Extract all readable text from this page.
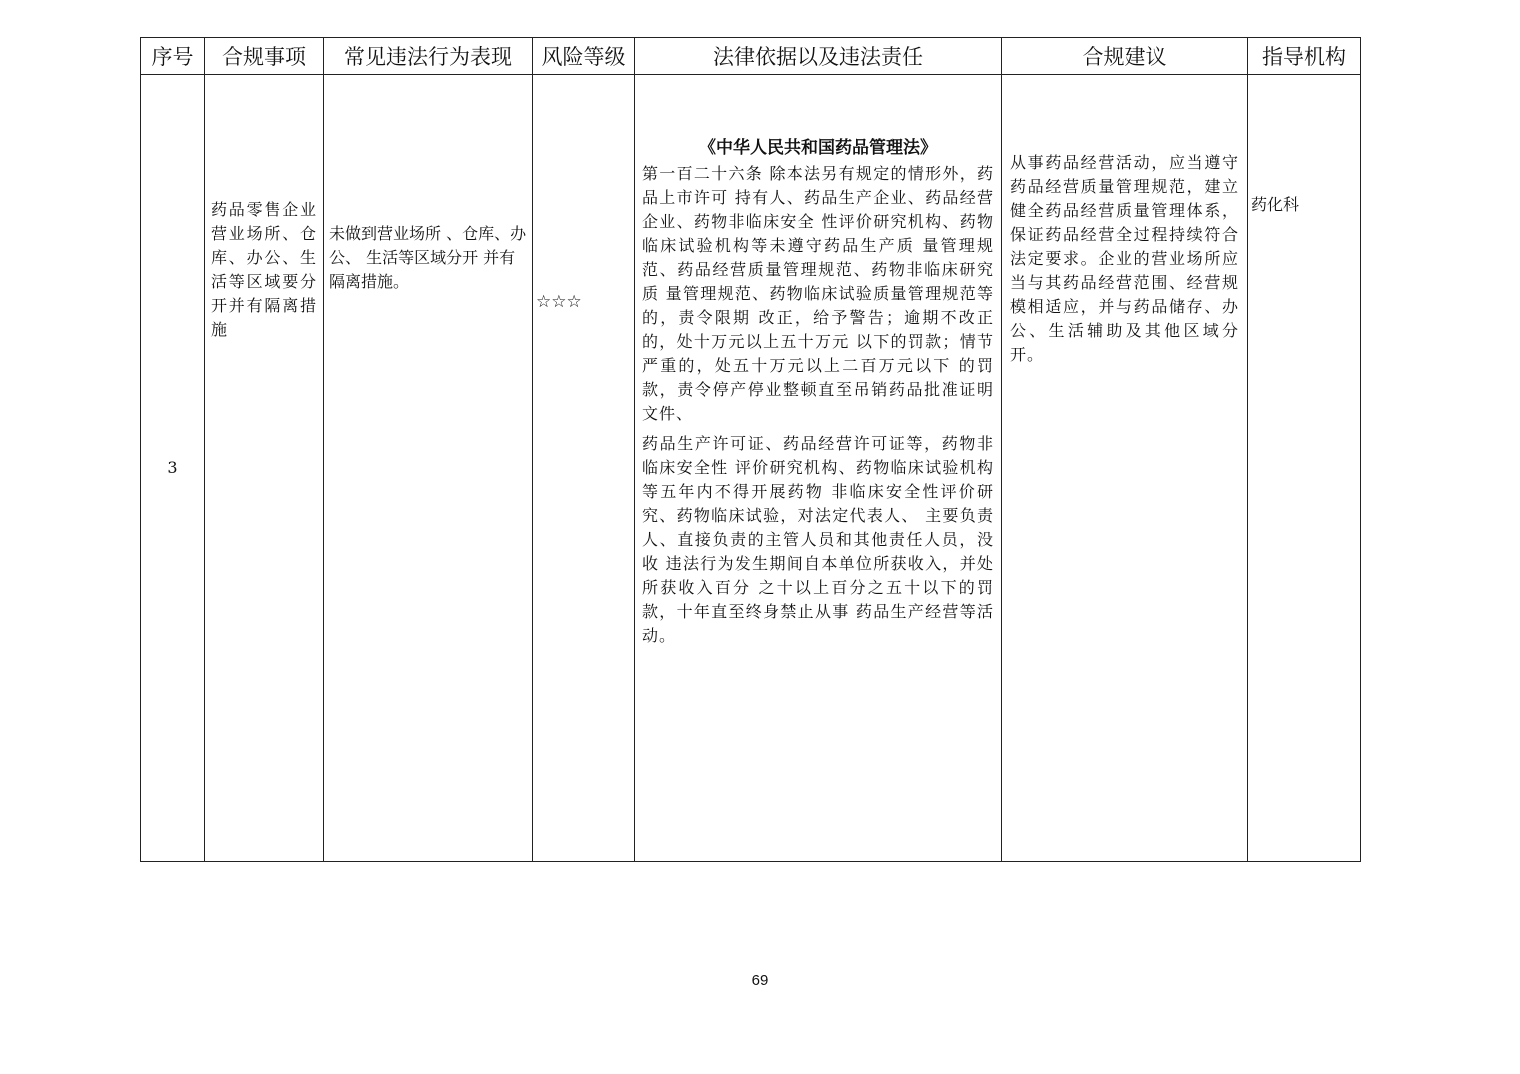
序号	合规事项	常见违法行为表现	风险等级	法律依据以及违法责任	合规建议	指导机构
3	药品零售企业 营业场所、仓 库、办公、生 活等区域要分 开并有隔离措施	未做到营业场所 、仓库、办公、 生活等区域分开 并有隔离措施。	☆☆☆	《中华人民共和国药品管理法》

第一百二十六条 除本法另有规定的情形外，药品上市许可 持有人、药品生产企业、药品经营企业、药物非临床安全 性评价研究机构、药物临床试验机构等未遵守药品生产质 量管理规范、药品经营质量管理规范、药物非临床研究质 量管理规范、药物临床试验质量管理规范等的，责令限期 改正，给予警告；逾期不改正的，处十万元以上五十万元 以下的罚款；情节严重的，处五十万元以上二百万元以下 的罚款，责令停产停业整顿直至吊销药品批准证明文件、

药品生产许可证、药品经营许可证等，药物非临床安全性 评价研究机构、药物临床试验机构等五年内不得开展药物 非临床安全性评价研究、药物临床试验，对法定代表人、 主要负责人、直接负责的主管人员和其他责任人员，没收 违法行为发生期间自本单位所获收入，并处所获收入百分 之十以上百分之五十以下的罚款，十年直至终身禁止从事 药品生产经营等活动。	从事药品经营活动，应当遵守药品经营质量管理规范，建立健全药品经营质量管理体系，保证药品经营全过程持续符合法定要求。企业的营业场所应当与其药品经营范围、经营规模相适应，并与药品储存、办公、生活辅助及其他区域分开。	药化科
69
